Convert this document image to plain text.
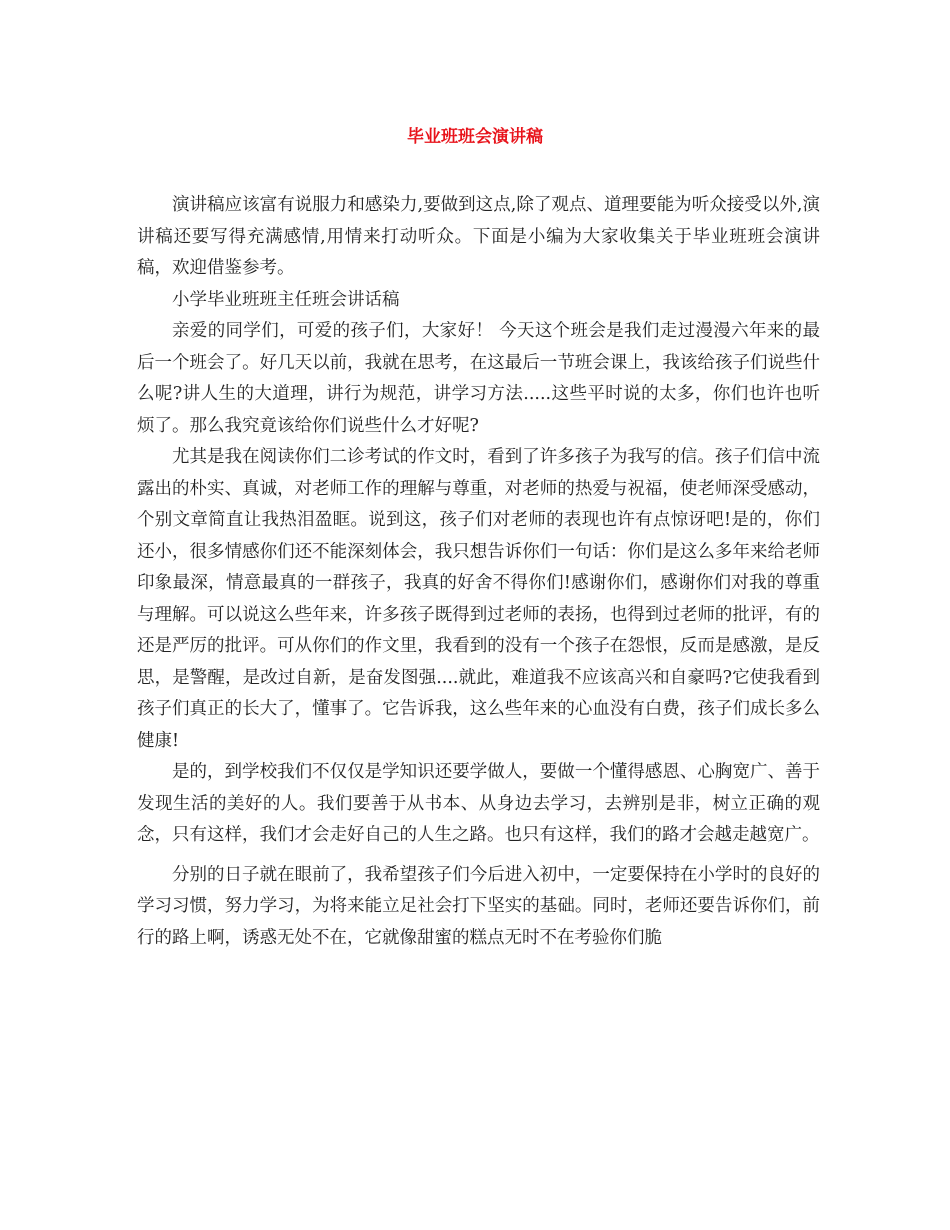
毕业班班会演讲稿

演讲稿应该富有说服力和感染力,要做到这点,除了观点、道理要能为听众接受以外,演讲稿还要写得充满感情,用情来打动听众。下面是小编为大家收集关于毕业班班会演讲稿，欢迎借鉴参考。

小学毕业班班主任班会讲话稿

亲爱的同学们，可爱的孩子们，大家好！ 今天这个班会是我们走过漫漫六年来的最后一个班会了。好几天以前，我就在思考，在这最后一节班会课上，我该给孩子们说些什么呢?讲人生的大道理，讲行为规范，讲学习方法.....这些平时说的太多，你们也许也听烦了。那么我究竟该给你们说些什么才好呢?

尤其是我在阅读你们二诊考试的作文时，看到了许多孩子为我写的信。孩子们信中流露出的朴实、真诚，对老师工作的理解与尊重，对老师的热爱与祝福，使老师深受感动，个别文章简直让我热泪盈眶。说到这，孩子们对老师的表现也许有点惊讶吧!是的，你们还小，很多情感你们还不能深刻体会，我只想告诉你们一句话：你们是这么多年来给老师印象最深，情意最真的一群孩子，我真的好舍不得你们!感谢你们，感谢你们对我的尊重与理解。可以说这么些年来，许多孩子既得到过老师的表扬，也得到过老师的批评，有的还是严厉的批评。可从你们的作文里，我看到的没有一个孩子在怨恨，反而是感激，是反思，是警醒，是改过自新，是奋发图强....就此，难道我不应该高兴和自豪吗?它使我看到孩子们真正的长大了，懂事了。它告诉我，这么些年来的心血没有白费，孩子们成长多么健康!

是的，到学校我们不仅仅是学知识还要学做人，要做一个懂得感恩、心胸宽广、善于发现生活的美好的人。我们要善于从书本、从身边去学习，去辨别是非，树立正确的观念，只有这样，我们才会走好自己的人生之路。也只有这样，我们的路才会越走越宽广。

分别的日子就在眼前了，我希望孩子们今后进入初中，一定要保持在小学时的良好的学习习惯，努力学习，为将来能立足社会打下坚实的基础。同时，老师还要告诉你们，前行的路上啊，诱惑无处不在，它就像甜蜜的糕点无时不在考验你们脆
